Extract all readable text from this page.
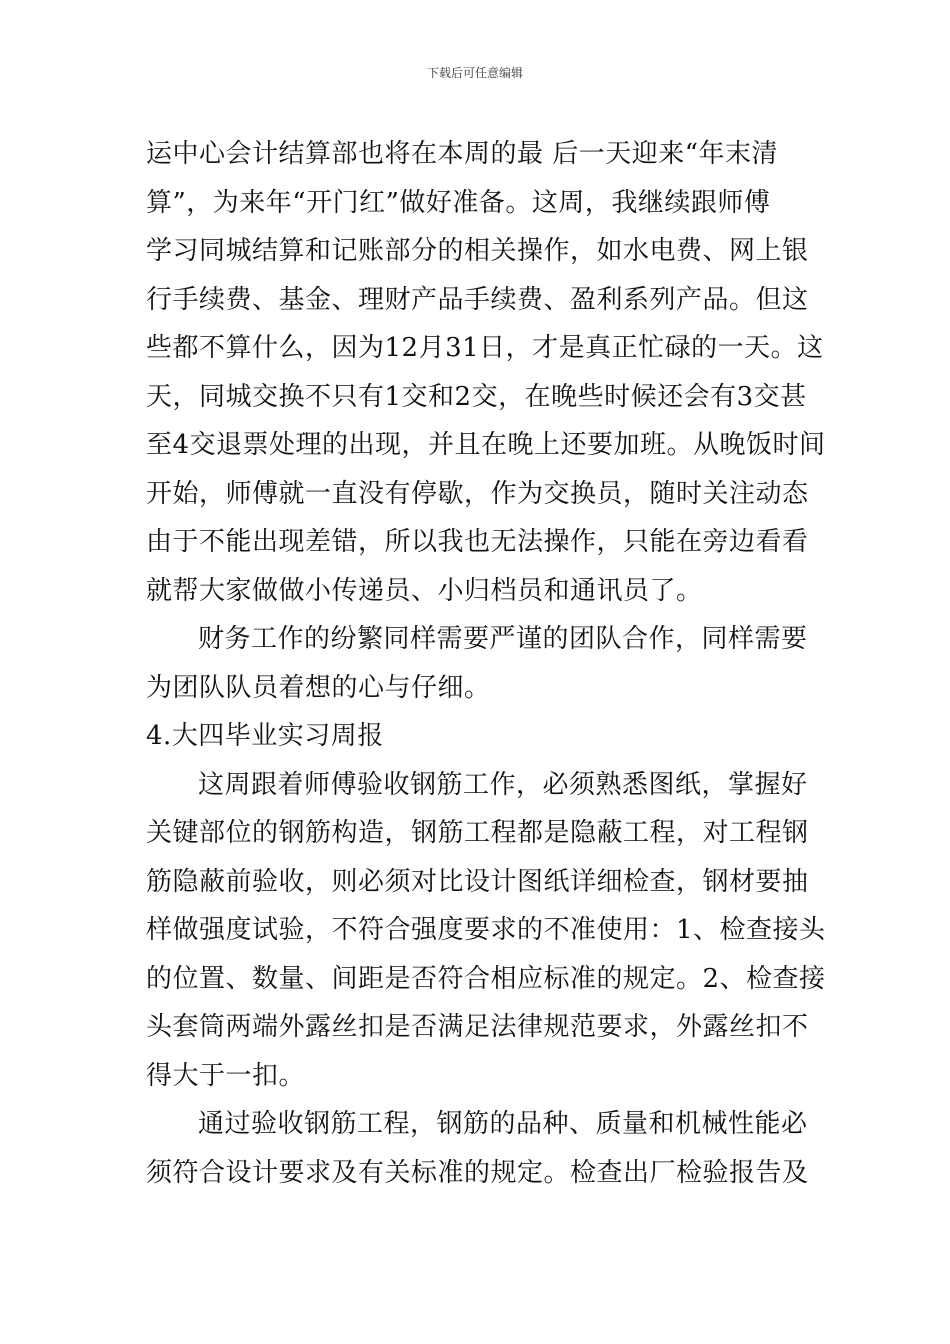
下载后可任意编辑
运中心会计结算部也将在本周的最 后一天迎来“年末清
算”，为来年“开门红”做好准备。这周，我继续跟师傅
学习同城结算和记账部分的相关操作，如水电费、网上银
行手续费、基金、理财产品手续费、盈利系列产品。但这
些都不算什么，因为12月31日，才是真正忙碌的一天。这
天，同城交换不只有1交和2交，在晚些时候还会有3交甚
至4交退票处理的出现，并且在晚上还要加班。从晚饭时间
开始，师傅就一直没有停歇，作为交换员，随时关注动态
由于不能出现差错，所以我也无法操作，只能在旁边看看
就帮大家做做小传递员、小归档员和通讯员了。
财务工作的纷繁同样需要严谨的团队合作，同样需要
为团队队员着想的心与仔细。
4.大四毕业实习周报
这周跟着师傅验收钢筋工作，必须熟悉图纸，掌握好
关键部位的钢筋构造，钢筋工程都是隐蔽工程，对工程钢
筋隐蔽前验收，则必须对比设计图纸详细检查，钢材要抽
样做强度试验，不符合强度要求的不准使用：1、检查接头
的位置、数量、间距是否符合相应标准的规定。2、检查接
头套筒两端外露丝扣是否满足法律规范要求，外露丝扣不
得大于一扣。
通过验收钢筋工程，钢筋的品种、质量和机械性能必
须符合设计要求及有关标准的规定。检查出厂检验报告及
